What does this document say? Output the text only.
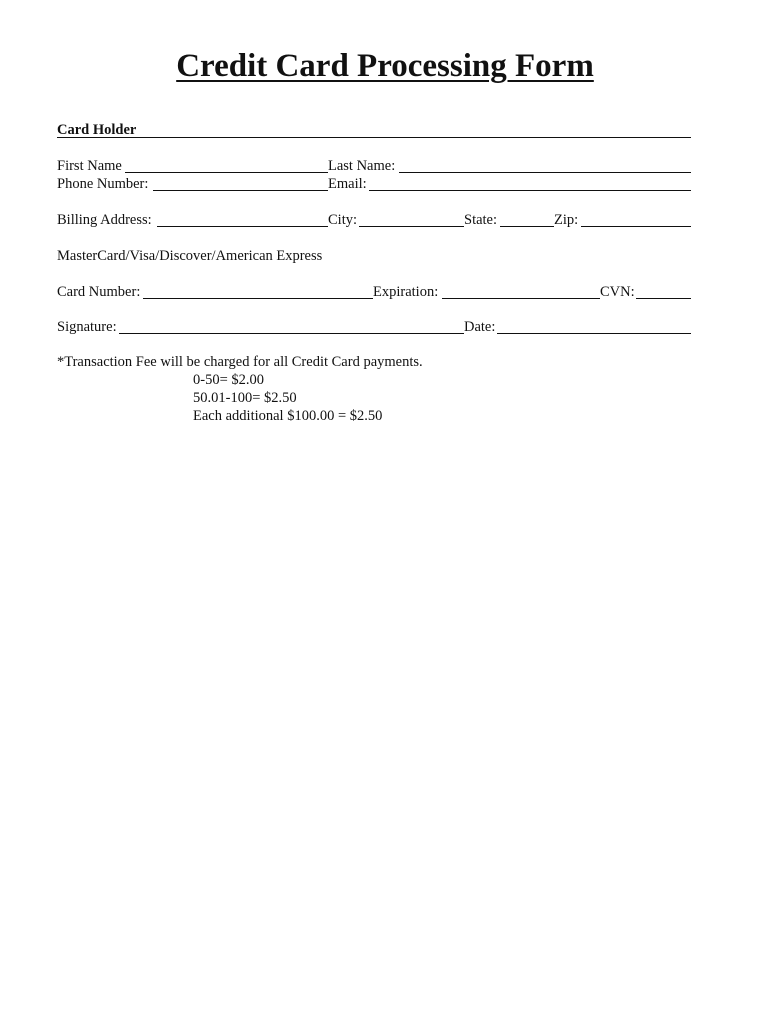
Credit Card Processing Form
Card Holder
First Name	Last Name:
Phone Number:	Email:
Billing Address:	City:	State:	Zip:
MasterCard/Visa/Discover/American Express
Card Number:	Expiration:	CVN:
Signature:	Date:
*Transaction Fee will be charged for all Credit Card payments.
0-50= $2.00
50.01-100= $2.50
Each additional $100.00 = $2.50
